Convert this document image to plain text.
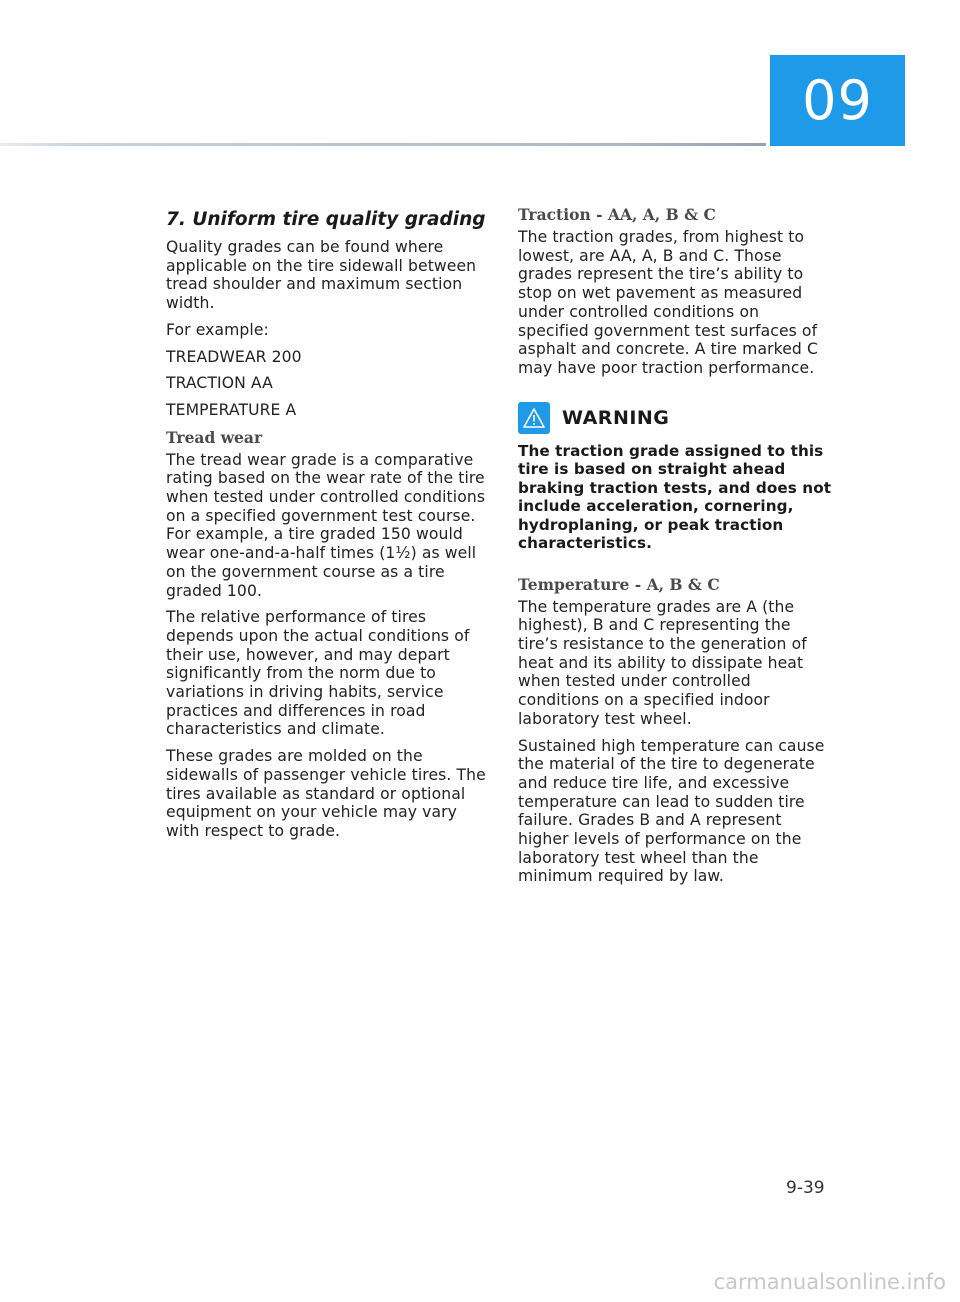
09
7. Uniform tire quality grading

Quality grades can be found where applicable on the tire sidewall between tread shoulder and maximum section width.

For example:

TREADWEAR 200

TRACTION AA

TEMPERATURE A

Tread wear

The tread wear grade is a comparative rating based on the wear rate of the tire when tested under controlled conditions on a specified government test course. For example, a tire graded 150 would wear one-and-a-half times (1½) as well on the government course as a tire graded 100.

The relative performance of tires depends upon the actual conditions of their use, however, and may depart significantly from the norm due to variations in driving habits, service practices and differences in road characteristics and climate.

These grades are molded on the sidewalls of passenger vehicle tires. The tires available as standard or optional equipment on your vehicle may vary with respect to grade.

Traction - AA, A, B & C

The traction grades, from highest to lowest, are AA, A, B and C. Those grades represent the tire’s ability to stop on wet pavement as measured under controlled conditions on specified government test surfaces of asphalt and concrete. A tire marked C may have poor traction performance.

WARNING

The traction grade assigned to this tire is based on straight ahead braking traction tests, and does not include acceleration, cornering, hydroplaning, or peak traction characteristics.

Temperature - A, B & C

The temperature grades are A (the highest), B and C representing the tire’s resistance to the generation of heat and its ability to dissipate heat when tested under controlled conditions on a specified indoor laboratory test wheel.

Sustained high temperature can cause the material of the tire to degenerate and reduce tire life, and excessive temperature can lead to sudden tire failure. Grades B and A represent higher levels of performance on the laboratory test wheel than the minimum required by law.

9-39
carmanualsonline.info
